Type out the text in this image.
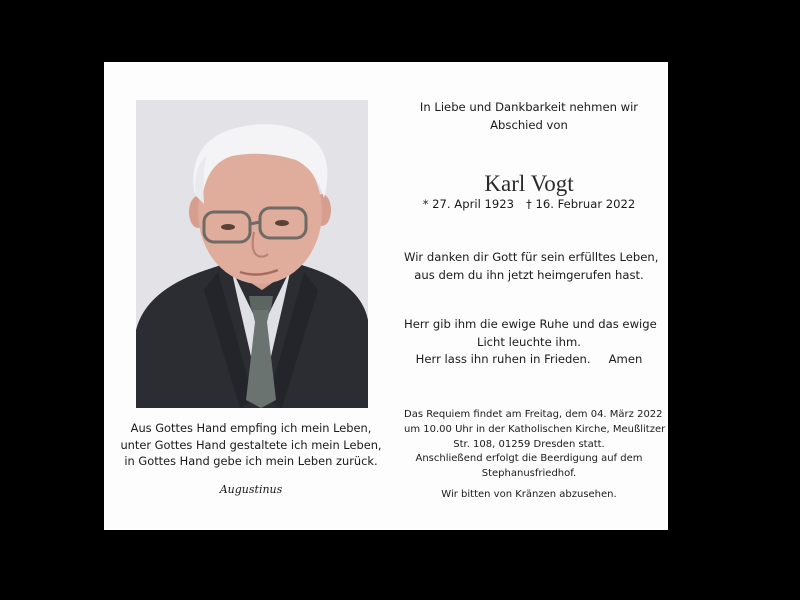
Aus Gottes Hand empfing ich mein Leben,
unter Gottes Hand gestaltete ich mein Leben,
in Gottes Hand gebe ich mein Leben zurück.
Augustinus
In Liebe und Dankbarkeit nehmen wir
Abschied von
Karl Vogt
* 27. April 1923 † 16. Februar 2022
Wir danken dir Gott für sein erfülltes Leben,
aus dem du ihn jetzt heimgerufen hast.
Herr gib ihm die ewige Ruhe und das ewige
Licht leuchte ihm.
Herr lass ihn ruhen in Frieden. Amen
Das Requiem findet am Freitag, dem 04. März 2022
um 10.00 Uhr in der Katholischen Kirche, Meußlitzer
Str. 108, 01259 Dresden statt.
Anschließend erfolgt die Beerdigung auf dem
Stephanusfriedhof.
Wir bitten von Kränzen abzusehen.
